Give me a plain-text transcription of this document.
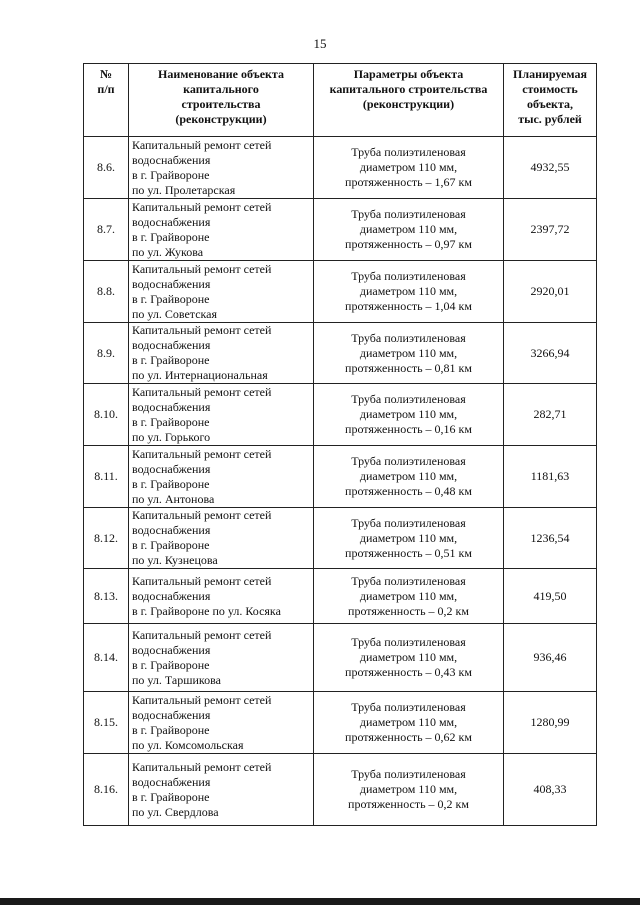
15
№
п/п	Наименование объекта
капитального
строительства
(реконструкции)	Параметры объекта
капитального строительства
(реконструкции)	Планируемая
стоимость
объекта,
тыс. рублей

8.6.	Капитальный ремонт сетей
водоснабжения
в г. Грайвороне
по ул. Пролетарская	Труба полиэтиленовая
диаметром 110 мм,
протяженность – 1,67 км	4932,55
8.7.	Капитальный ремонт сетей
водоснабжения
в г. Грайвороне
по ул. Жукова	Труба полиэтиленовая
диаметром 110 мм,
протяженность – 0,97 км	2397,72
8.8.	Капитальный ремонт сетей
водоснабжения
в г. Грайвороне
по ул. Советская	Труба полиэтиленовая
диаметром 110 мм,
протяженность – 1,04 км	2920,01
8.9.	Капитальный ремонт сетей
водоснабжения
в г. Грайвороне
по ул. Интернациональная	Труба полиэтиленовая
диаметром 110 мм,
протяженность – 0,81 км	3266,94
8.10.	Капитальный ремонт сетей
водоснабжения
в г. Грайвороне
по ул. Горького	Труба полиэтиленовая
диаметром 110 мм,
протяженность – 0,16 км	282,71
8.11.	Капитальный ремонт сетей
водоснабжения
в г. Грайвороне
по ул. Антонова	Труба полиэтиленовая
диаметром 110 мм,
протяженность – 0,48 км	1181,63
8.12.	Капитальный ремонт сетей
водоснабжения
в г. Грайвороне
по ул. Кузнецова	Труба полиэтиленовая
диаметром 110 мм,
протяженность – 0,51 км	1236,54
8.13.	Капитальный ремонт сетей
водоснабжения
в г. Грайвороне по ул. Косяка	Труба полиэтиленовая
диаметром 110 мм,
протяженность – 0,2 км	419,50
8.14.	Капитальный ремонт сетей
водоснабжения
в г. Грайвороне
по ул. Таршикова	Труба полиэтиленовая
диаметром 110 мм,
протяженность – 0,43 км	936,46
8.15.	Капитальный ремонт сетей
водоснабжения
в г. Грайвороне
по ул. Комсомольская	Труба полиэтиленовая
диаметром 110 мм,
протяженность – 0,62 км	1280,99
8.16.	Капитальный ремонт сетей
водоснабжения
в г. Грайвороне
по ул. Свердлова	Труба полиэтиленовая
диаметром 110 мм,
протяженность – 0,2 км	408,33
